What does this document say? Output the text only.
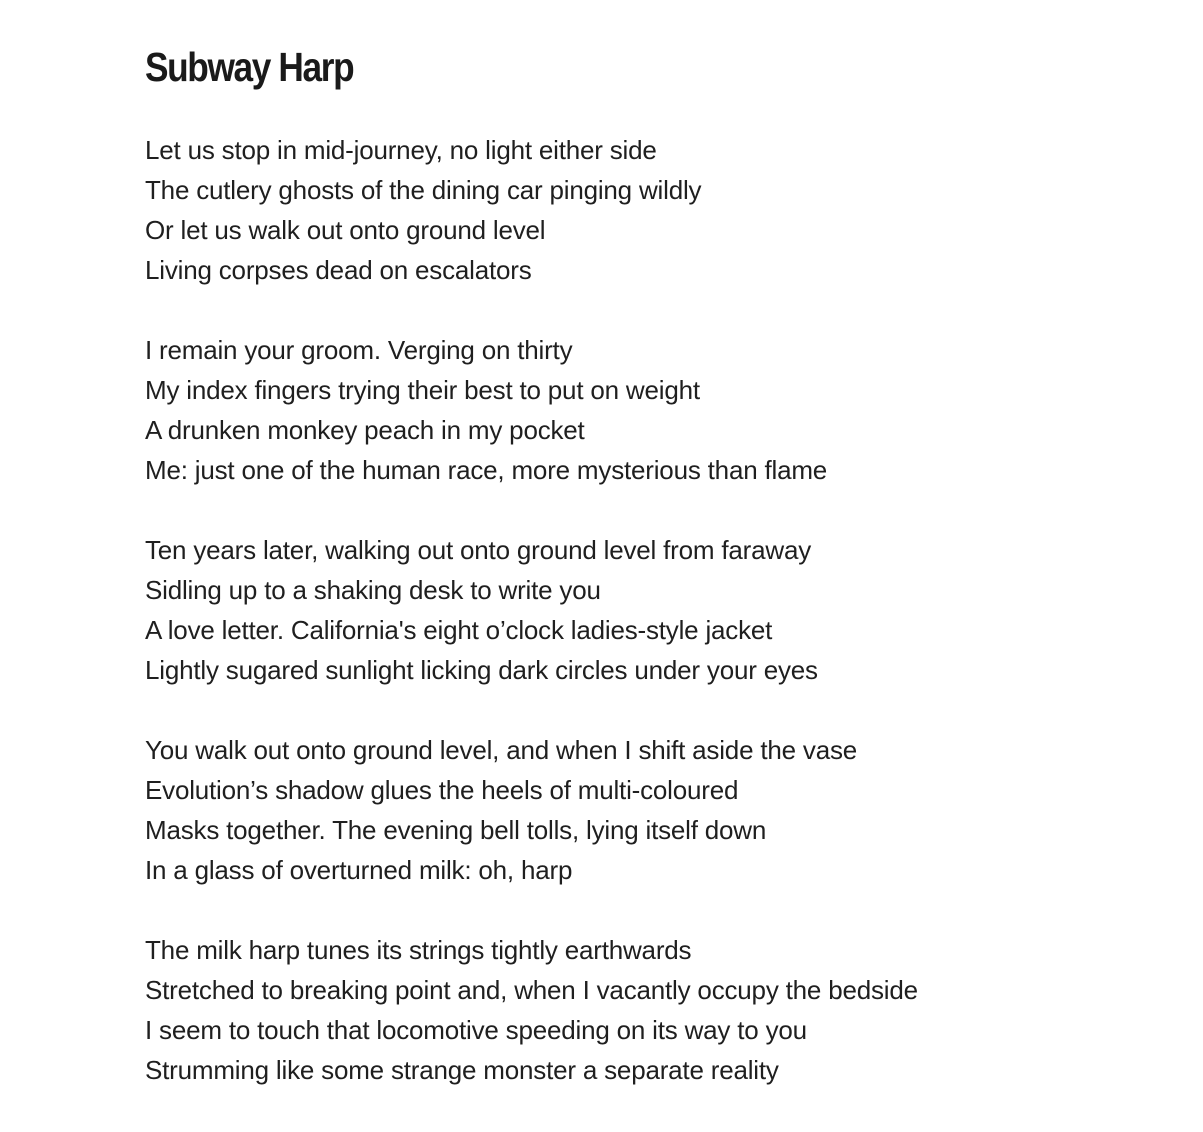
Subway Harp
Let us stop in mid-journey, no light either side
The cutlery ghosts of the dining car pinging wildly
Or let us walk out onto ground level
Living corpses dead on escalators
I remain your groom. Verging on thirty
My index fingers trying their best to put on weight
A drunken monkey peach in my pocket
Me: just one of the human race, more mysterious than flame
Ten years later, walking out onto ground level from faraway
Sidling up to a shaking desk to write you
A love letter. California's eight o’clock ladies-style jacket
Lightly sugared sunlight licking dark circles under your eyes
You walk out onto ground level, and when I shift aside the vase
Evolution’s shadow glues the heels of multi-coloured
Masks together. The evening bell tolls, lying itself down
In a glass of overturned milk: oh, harp
The milk harp tunes its strings tightly earthwards
Stretched to breaking point and, when I vacantly occupy the bedside
I seem to touch that locomotive speeding on its way to you
Strumming like some strange monster a separate reality
